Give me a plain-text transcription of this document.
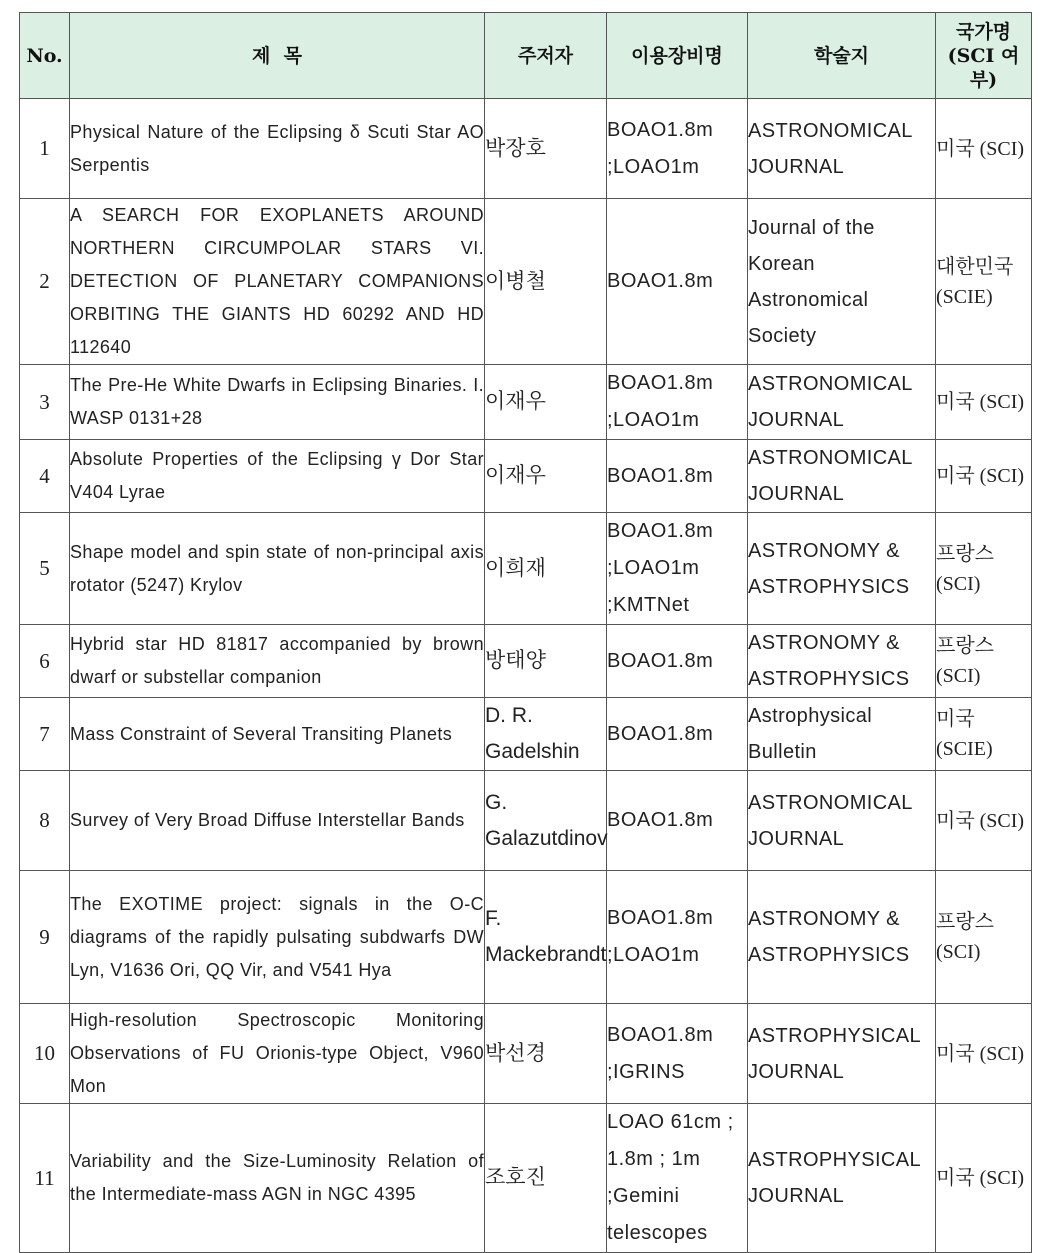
No.	제  목	주저자	이용장비명	학술지	국가명 (SCI 여부)
1	Physical Nature of the Eclipsing δ Scuti Star AO Serpentis	박장호	BOAO1.8m ;LOAO1m	ASTRONOMICAL JOURNAL	미국 (SCI)
2	A SEARCH FOR EXOPLANETS AROUND NORTHERN CIRCUMPOLAR STARS VI. DETECTION OF PLANETARY COMPANIONS ORBITING THE GIANTS HD 60292 AND HD 112640	이병철	BOAO1.8m	Journal of the Korean Astronomical Society	대한민국 (SCIE)
3	The Pre-He White Dwarfs in Eclipsing Binaries. I. WASP 0131+28	이재우	BOAO1.8m ;LOAO1m	ASTRONOMICAL JOURNAL	미국 (SCI)
4	Absolute Properties of the Eclipsing γ Dor Star V404 Lyrae	이재우	BOAO1.8m	ASTRONOMICAL JOURNAL	미국 (SCI)
5	Shape model and spin state of non-principal axis rotator (5247) Krylov	이희재	BOAO1.8m ;LOAO1m ;KMTNet	ASTRONOMY & ASTROPHYSICS	프랑스 (SCI)
6	Hybrid star HD 81817 accompanied by brown dwarf or substellar companion	방태양	BOAO1.8m	ASTRONOMY & ASTROPHYSICS	프랑스 (SCI)
7	Mass Constraint of Several Transiting Planets	D. R. Gadelshin	BOAO1.8m	Astrophysical Bulletin	미국 (SCIE)
8	Survey of Very Broad Diffuse Interstellar Bands	G. Galazutdinov	BOAO1.8m	ASTRONOMICAL JOURNAL	미국 (SCI)
9	The EXOTIME project: signals in the O-C diagrams of the rapidly pulsating subdwarfs DW Lyn, V1636 Ori, QQ Vir, and V541 Hya	F. Mackebrandt	BOAO1.8m ;LOAO1m	ASTRONOMY & ASTROPHYSICS	프랑스 (SCI)
10	High-resolution Spectroscopic Monitoring Observations of FU Orionis-type Object, V960 Mon	박선경	BOAO1.8m ;IGRINS	ASTROPHYSICAL JOURNAL	미국 (SCI)
11	Variability and the Size-Luminosity Relation of the Intermediate-mass AGN in NGC 4395	조호진	LOAO 61cm ; 1.8m ; 1m ;Gemini telescopes	ASTROPHYSICAL JOURNAL	미국 (SCI)
